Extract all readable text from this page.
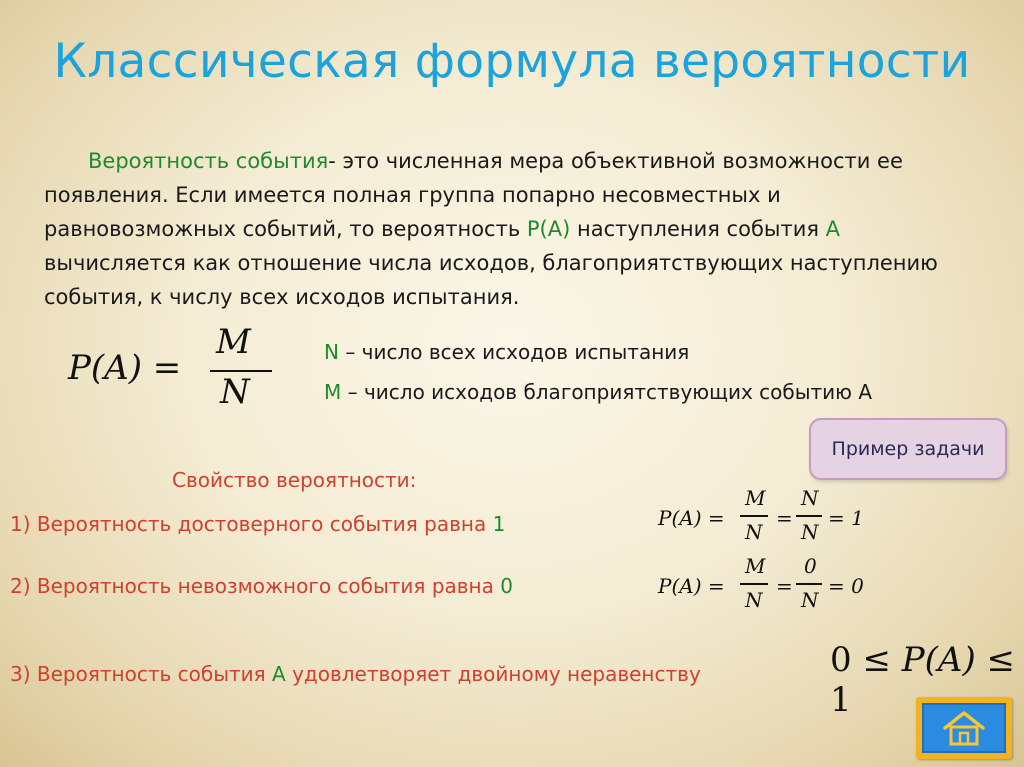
Классическая формула вероятности
Вероятность события- это численная мера объективной возможности ее
появления. Если имеется полная группа попарно несовместных и
равновозможных событий, то вероятность P(A) наступления события А
вычисляется как отношение числа исходов, благоприятствующих наступлению
события, к числу всех исходов испытания.
P(A) =
M
N
N – число всех исходов испытания
M – число исходов благоприятствующих событию А
Пример задачи
Свойство вероятности:
1) Вероятность достоверного события равна 1
2) Вероятность невозможного события равна 0
3) Вероятность события А удовлетворяет двойному неравенству
P(A) =
M
N
=
N
N
= 1
P(A) =
M
N
=
0
N
= 0
0 ≤ P(A) ≤ 1
